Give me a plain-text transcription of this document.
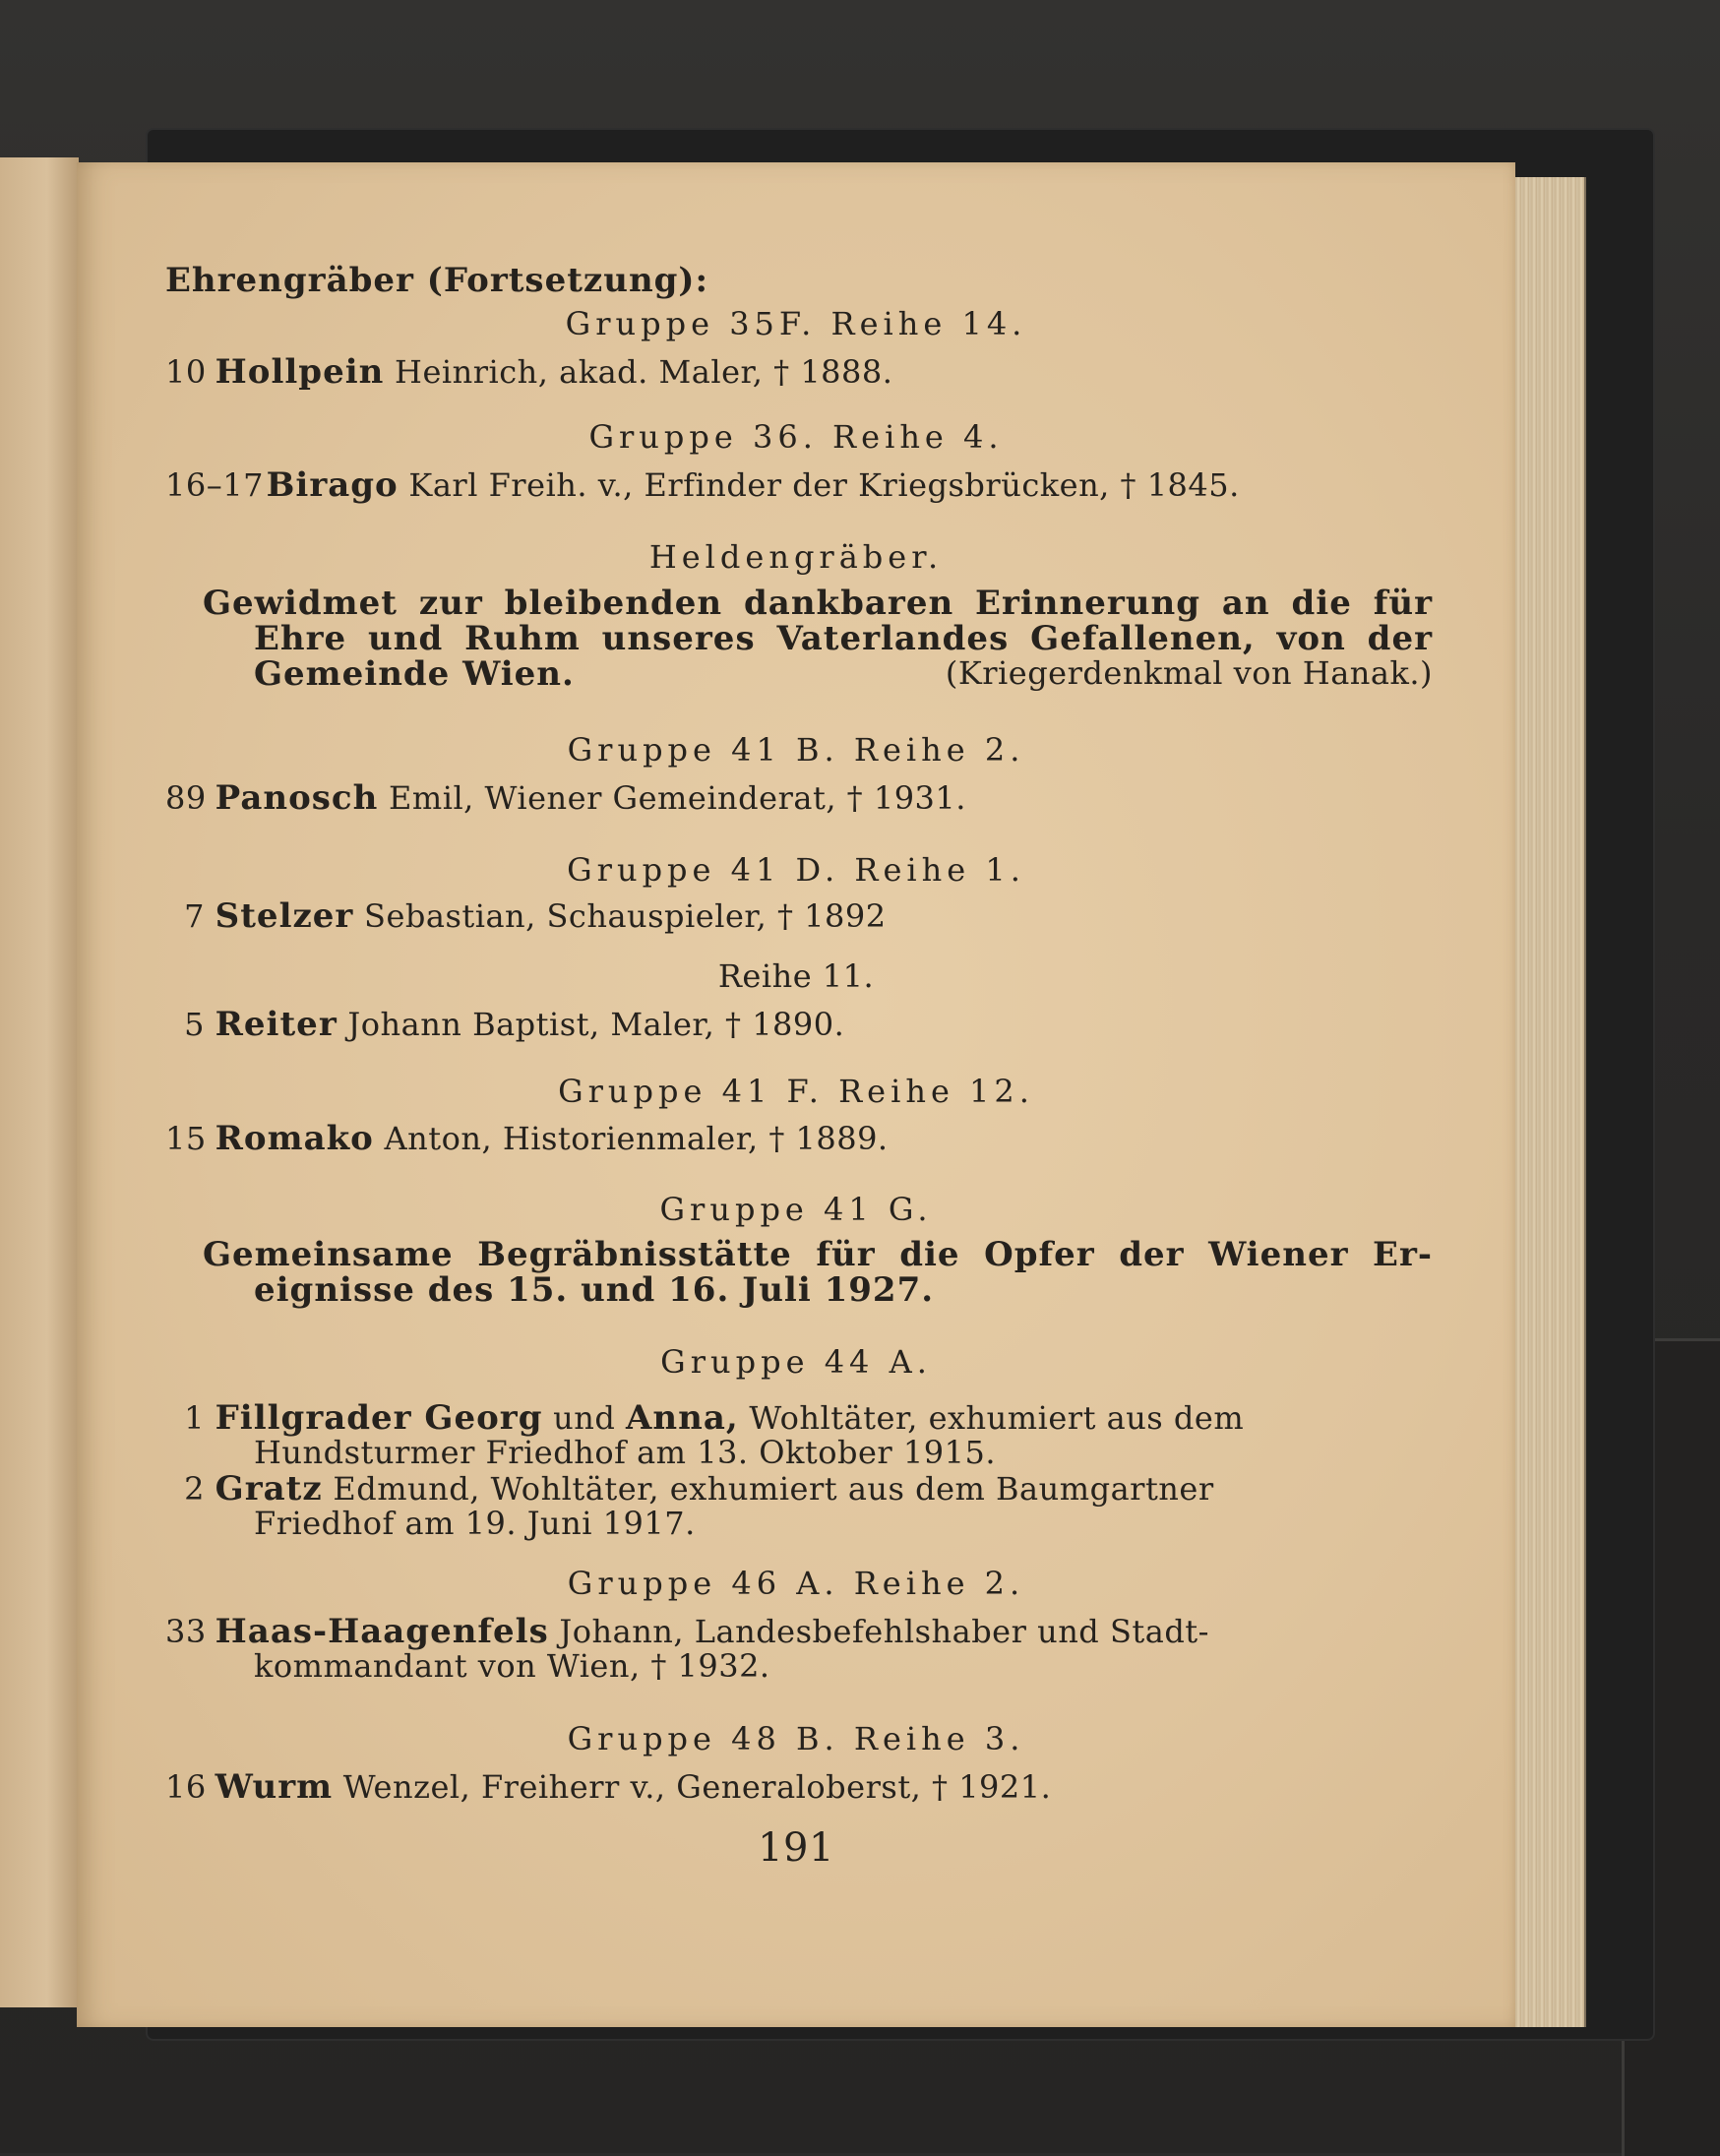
Ehrengräber (Fortsetzung):
Gruppe 35F. Reihe 14.
10 Hollpein Heinrich, akad. Maler, † 1888.
Gruppe 36. Reihe 4.
16–17 Birago Karl Freih. v., Erfinder der Kriegsbrücken, † 1845.
Heldengräber.
Gewidmet zur bleibenden dankbaren Erinnerung an die für
Ehre und Ruhm unseres Vaterlandes Gefallenen, von der
Gemeinde Wien.	(Kriegerdenkmal von Hanak.)
Gruppe 41 B. Reihe 2.
89 Panosch Emil, Wiener Gemeinderat, † 1931.
Gruppe 41 D. Reihe 1.
7 Stelzer Sebastian, Schauspieler, † 1892
Reihe 11.
5 Reiter Johann Baptist, Maler, † 1890.
Gruppe 41 F. Reihe 12.
15 Romako Anton, Historienmaler, † 1889.
Gruppe 41 G.
Gemeinsame Begräbnisstätte für die Opfer der Wiener Er-
eignisse des 15. und 16. Juli 1927.
Gruppe 44 A.
1 Fillgrader Georg und Anna, Wohltäter, exhumiert aus dem
Hundsturmer Friedhof am 13. Oktober 1915.
2 Gratz Edmund, Wohltäter, exhumiert aus dem Baumgartner
Friedhof am 19. Juni 1917.
Gruppe 46 A. Reihe 2.
33 Haas-Haagenfels Johann, Landesbefehlshaber und Stadt-
kommandant von Wien, † 1932.
Gruppe 48 B. Reihe 3.
16 Wurm Wenzel, Freiherr v., Generaloberst, † 1921.
191
